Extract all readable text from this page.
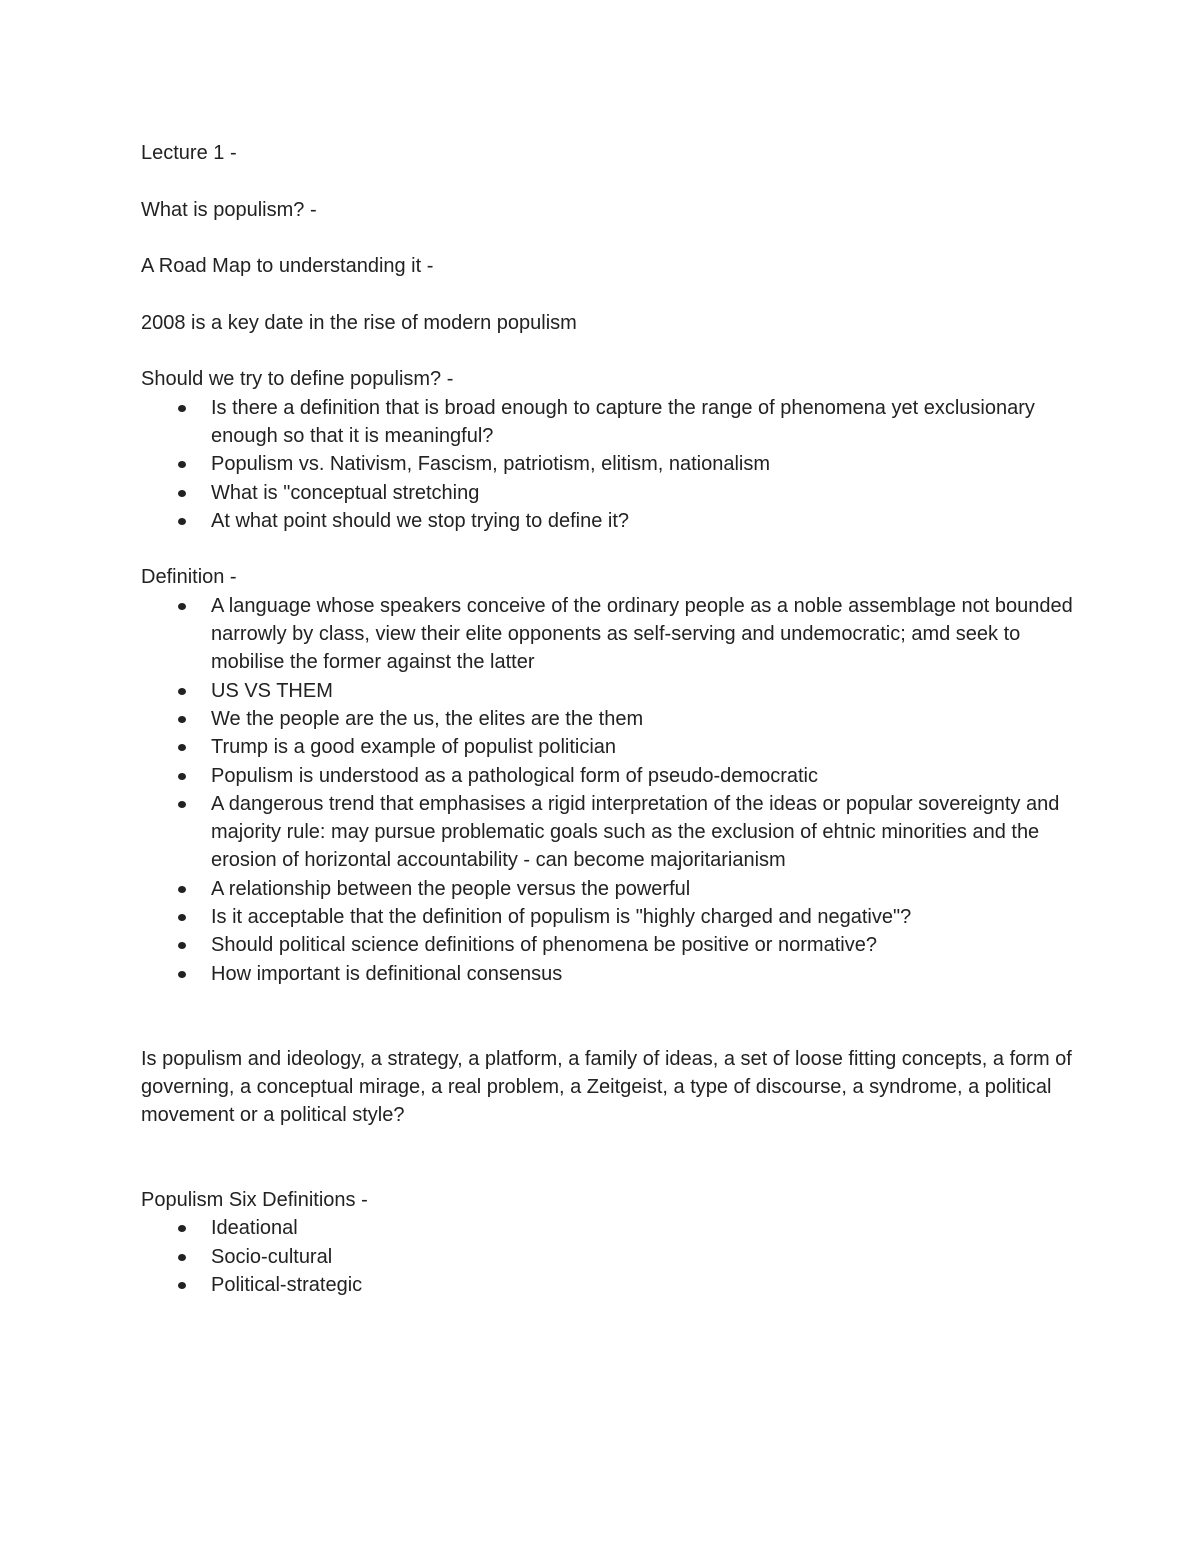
Lecture 1 -

What is populism? -

A Road Map to understanding it -

2008 is a key date in the rise of modern populism

Should we try to define populism? -

Is there a definition that is broad enough to capture the range of phenomena yet exclusionary enough so that it is meaningful?
Populism vs. Nativism, Fascism, patriotism, elitism, nationalism
What is "conceptual stretching
At what point should we stop trying to define it?

Definition -

A language whose speakers conceive of the ordinary people as a noble assemblage not bounded narrowly by class, view their elite opponents as self-serving and undemocratic; amd seek to mobilise the former against the latter
US VS THEM
We the people are the us, the elites are the them
Trump is a good example of populist politician
Populism is understood as a pathological form of pseudo-democratic
A dangerous trend that emphasises a rigid interpretation of the ideas or popular sovereignty and majority rule: may pursue problematic goals such as the exclusion of ehtnic minorities and the erosion of horizontal accountability - can become majoritarianism
A relationship between the people versus the powerful
Is it acceptable that the definition of populism is "highly charged and negative"?
Should political science definitions of phenomena be positive or normative?
How important is definitional consensus

Is populism and ideology, a strategy, a platform, a family of ideas, a set of loose fitting concepts, a form of governing, a conceptual mirage, a real problem, a Zeitgeist, a type of discourse, a syndrome, a political movement or a political style?

Populism Six Definitions -

Ideational
Socio-cultural
Political-strategic
